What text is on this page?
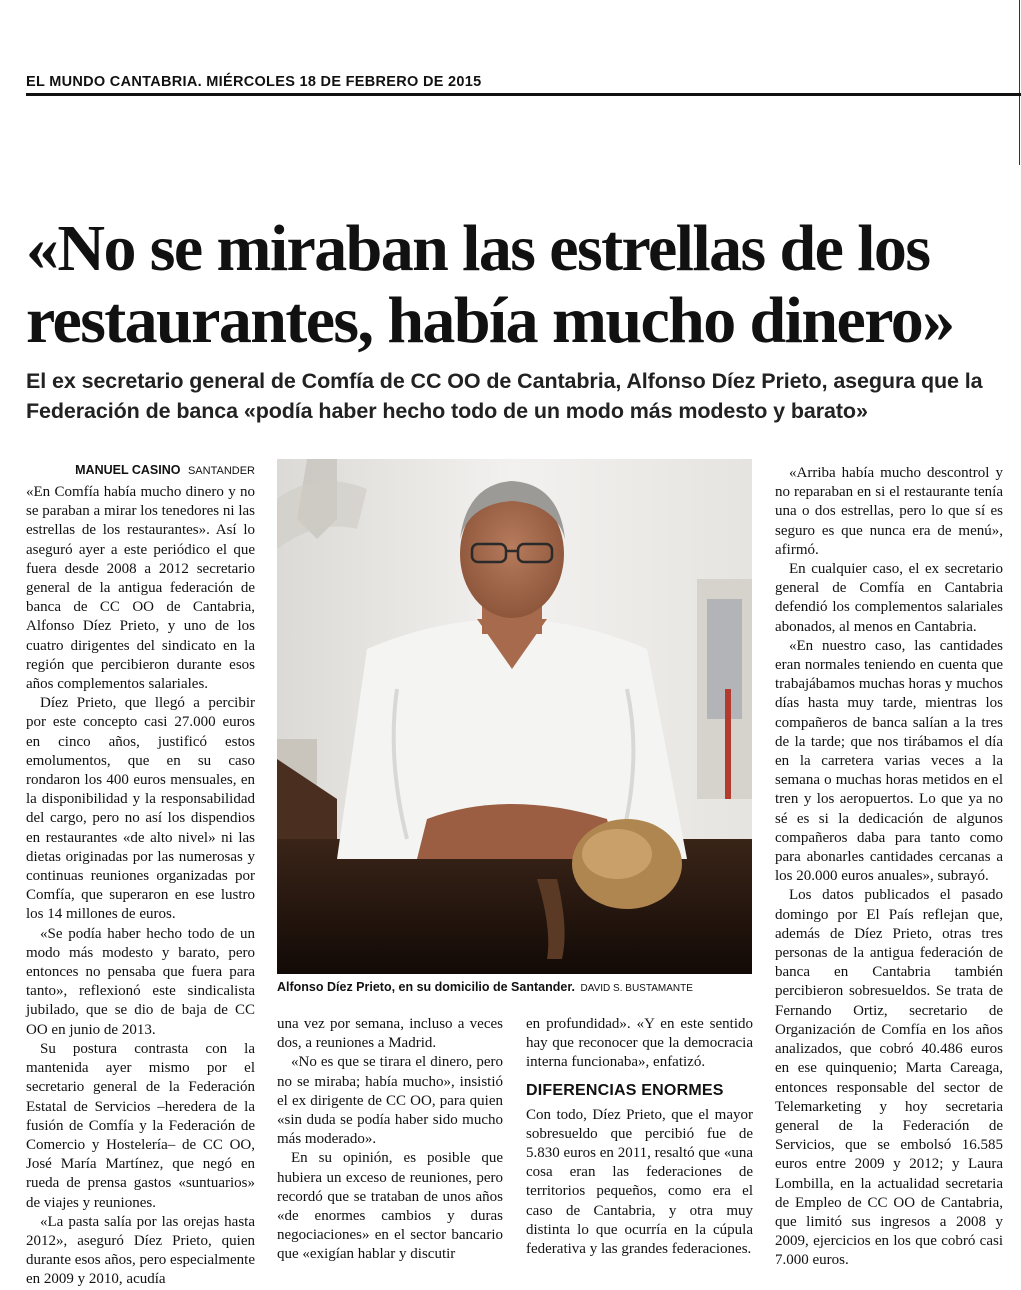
EL MUNDO CANTABRIA. MIÉRCOLES 18 DE FEBRERO DE 2015
«No se miraban las estrellas de los restaurantes, había mucho dinero»
El ex secretario general de Comfía de CC OO de Cantabria, Alfonso Díez Prieto, asegura que la Federación de banca «podía haber hecho todo de un modo más modesto y barato»
MANUEL CASINO SANTANDER

«En Comfía había mucho dinero y no se paraban a mirar los tenedores ni las estrellas de los restaurantes». Así lo aseguró ayer a este periódico el que fuera desde 2008 a 2012 secretario general de la antigua federación de banca de CC OO de Cantabria, Alfonso Díez Prieto, y uno de los cuatro dirigentes del sindicato en la región que percibieron durante esos años complementos salariales.

Díez Prieto, que llegó a percibir por este concepto casi 27.000 euros en cinco años, justificó estos emolumentos, que en su caso rondaron los 400 euros mensuales, en la disponibilidad y la responsabilidad del cargo, pero no así los dispendios en restaurantes «de alto nivel» ni las dietas originadas por las numerosas y continuas reuniones organizadas por Comfía, que superaron en ese lustro los 14 millones de euros.

«Se podía haber hecho todo de un modo más modesto y barato, pero entonces no pensaba que fuera para tanto», reflexionó este sindicalista jubilado, que se dio de baja de CC OO en junio de 2013.

Su postura contrasta con la mantenida ayer mismo por el secretario general de la Federación Estatal de Servicios –heredera de la fusión de Comfía y la Federación de Comercio y Hostelería– de CC OO, José María Martínez, que negó en rueda de prensa gastos «suntuarios» de viajes y reuniones.

«La pasta salía por las orejas hasta 2012», aseguró Díez Prieto, quien durante esos años, pero especialmente en 2009 y 2010, acudía

Alfonso Díez Prieto, en su domicilio de Santander. DAVID S. BUSTAMANTE

una vez por semana, incluso a veces dos, a reuniones a Madrid.

«No es que se tirara el dinero, pero no se miraba; había mucho», insistió el ex dirigente de CC OO, para quien «sin duda se podía haber sido mucho más moderado».

En su opinión, es posible que hubiera un exceso de reuniones, pero recordó que se trataban de unos años «de enormes cambios y duras negociaciones» en el sector bancario que «exigían hablar y discutir

en profundidad». «Y en este sentido hay que reconocer que la democracia interna funcionaba», enfatizó.

DIFERENCIAS ENORMES

Con todo, Díez Prieto, que el mayor sobresueldo que percibió fue de 5.830 euros en 2011, resaltó que «una cosa eran las federaciones de territorios pequeños, como era el caso de Cantabria, y otra muy distinta lo que ocurría en la cúpula federativa y las grandes federaciones.

«Arriba había mucho descontrol y no reparaban en si el restaurante tenía una o dos estrellas, pero lo que sí es seguro es que nunca era de menú», afirmó.

En cualquier caso, el ex secretario general de Comfía en Cantabria defendió los complementos salariales abonados, al menos en Cantabria.

«En nuestro caso, las cantidades eran normales teniendo en cuenta que trabajábamos muchas horas y muchos días hasta muy tarde, mientras los compañeros de banca salían a la tres de la tarde; que nos tirábamos el día en la carretera varias veces a la semana o muchas horas metidos en el tren y los aeropuertos. Lo que ya no sé es si la dedicación de algunos compañeros daba para tanto como para abonarles cantidades cercanas a los 20.000 euros anuales», subrayó.

Los datos publicados el pasado domingo por El País reflejan que, además de Díez Prieto, otras tres personas de la antigua federación de banca en Cantabria también percibieron sobresueldos. Se trata de Fernando Ortiz, secretario de Organización de Comfía en los años analizados, que cobró 40.486 euros en ese quinquenio; Marta Careaga, entonces responsable del sector de Telemarketing y hoy secretaria general de la Federación de Servicios, que se embolsó 16.585 euros entre 2009 y 2012; y Laura Lombilla, en la actualidad secretaria de Empleo de CC OO de Cantabria, que limitó sus ingresos a 2008 y 2009, ejercicios en los que cobró casi 7.000 euros.
